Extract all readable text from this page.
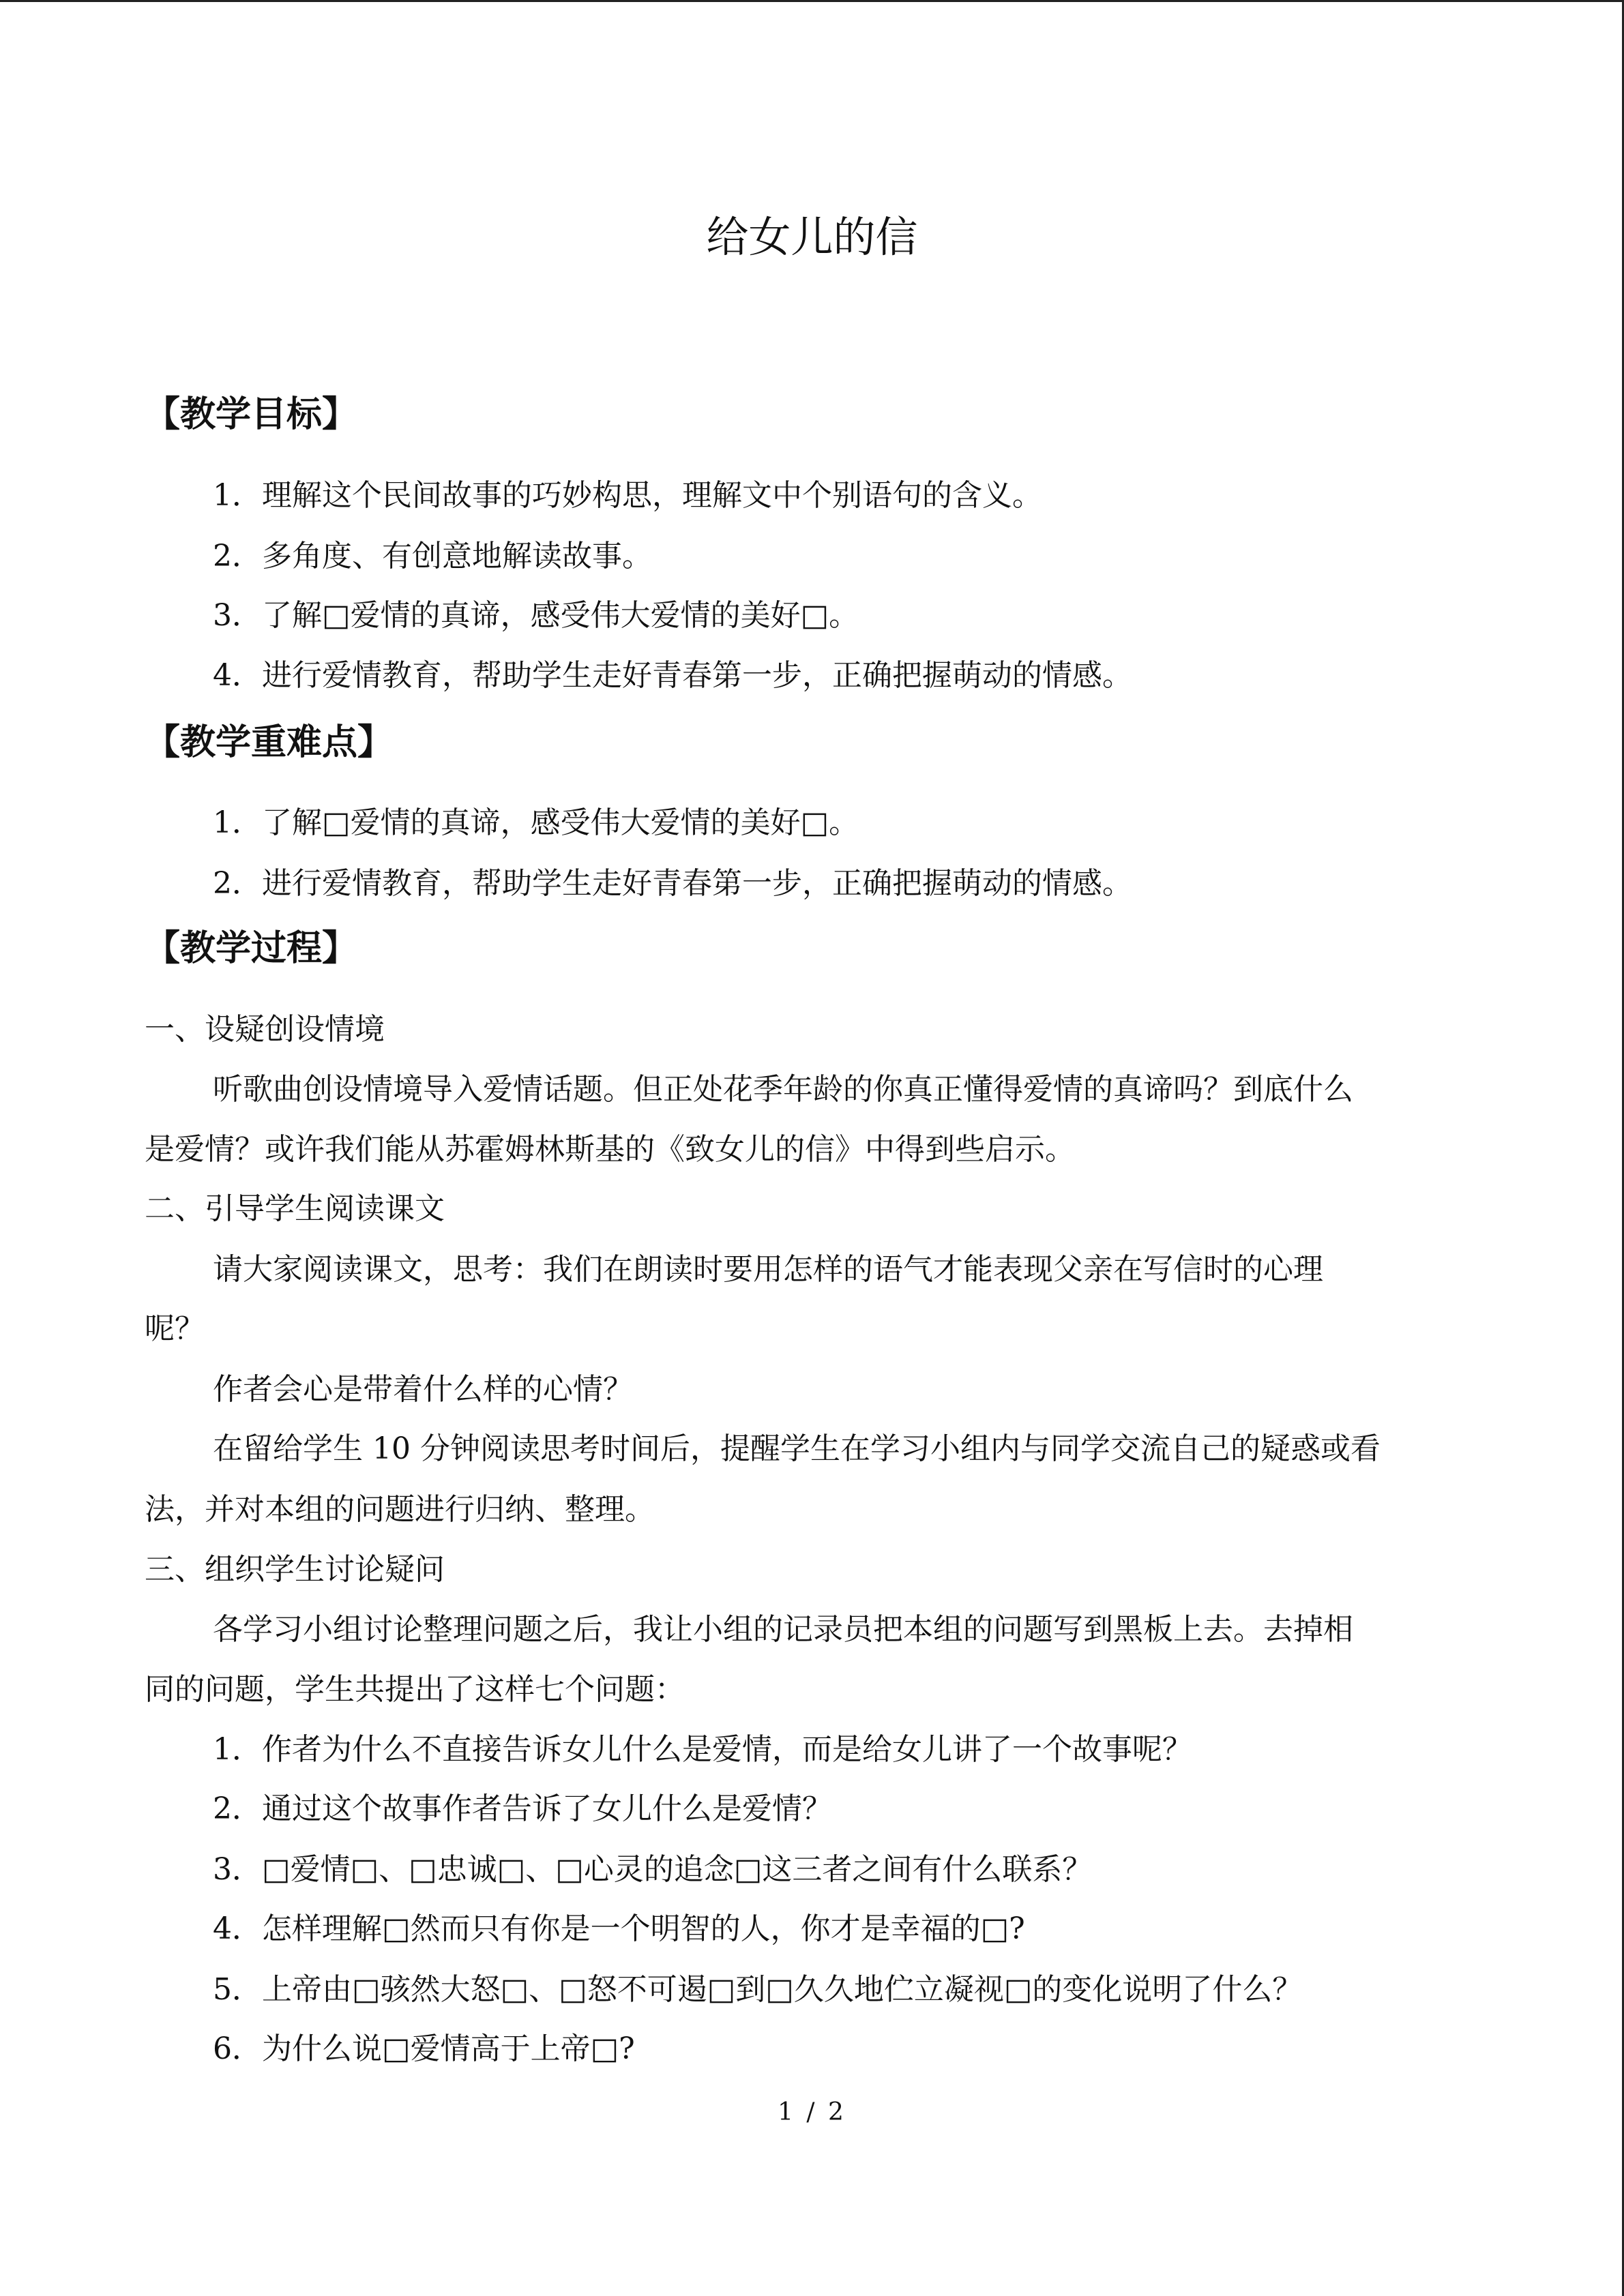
给女儿的信
【教学目标】
1．理解这个民间故事的巧妙构思，理解文中个别语句的含义。
2．多角度、有创意地解读故事。
3．了解□爱情的真谛，感受伟大爱情的美好□。
4．进行爱情教育，帮助学生走好青春第一步，正确把握萌动的情感。
【教学重难点】
1．了解□爱情的真谛，感受伟大爱情的美好□。
2．进行爱情教育，帮助学生走好青春第一步，正确把握萌动的情感。
【教学过程】
一、设疑创设情境
听歌曲创设情境导入爱情话题。但正处花季年龄的你真正懂得爱情的真谛吗？到底什么
是爱情？或许我们能从苏霍姆林斯基的《致女儿的信》中得到些启示。
二、引导学生阅读课文
请大家阅读课文，思考：我们在朗读时要用怎样的语气才能表现父亲在写信时的心理
呢？
作者会心是带着什么样的心情？
在留给学生 10 分钟阅读思考时间后，提醒学生在学习小组内与同学交流自己的疑惑或看
法，并对本组的问题进行归纳、整理。
三、组织学生讨论疑问
各学习小组讨论整理问题之后，我让小组的记录员把本组的问题写到黑板上去。去掉相
同的问题，学生共提出了这样七个问题：
1．作者为什么不直接告诉女儿什么是爱情，而是给女儿讲了一个故事呢？
2．通过这个故事作者告诉了女儿什么是爱情？
3．□爱情□、□忠诚□、□心灵的追念□这三者之间有什么联系？
4．怎样理解□然而只有你是一个明智的人，你才是幸福的□?
5．上帝由□骇然大怒□、□怒不可遏□到□久久地伫立凝视□的变化说明了什么？
6．为什么说□爱情高于上帝□?
1 / 2
